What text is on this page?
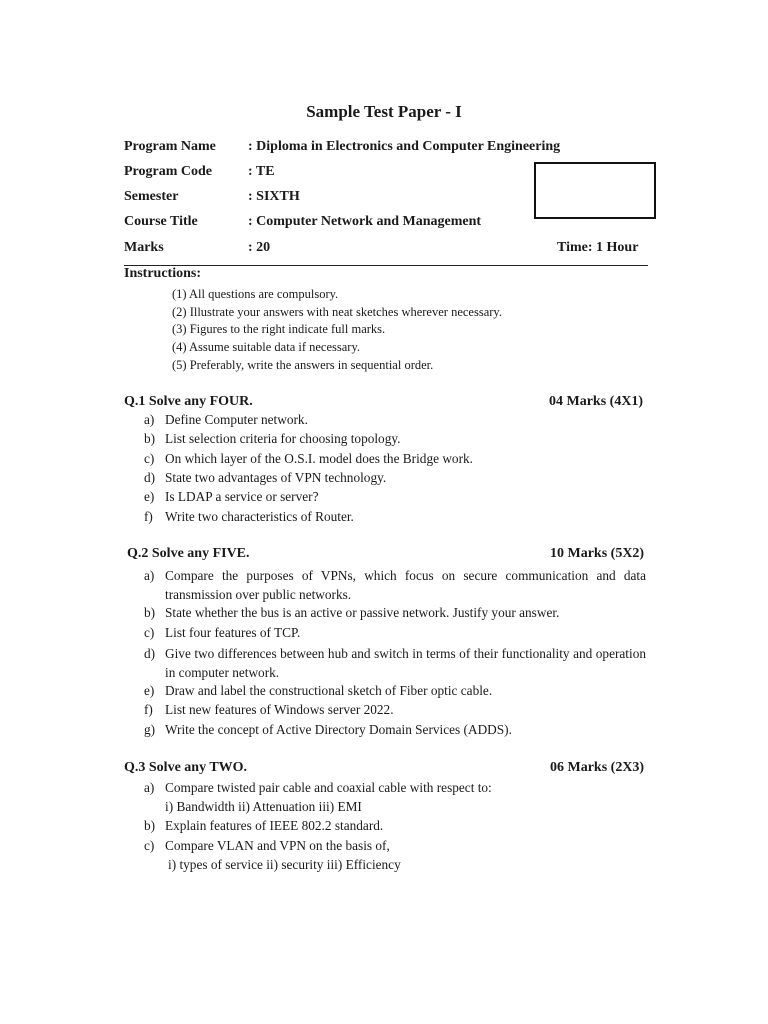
Sample Test Paper - I
Program Name : Diploma in Electronics and Computer Engineering
Program Code	: TE
Semester	: SIXTH
Course Title	: Computer Network and Management
Marks	: 20	Time: 1 Hour
Instructions:
(1) All questions are compulsory.
(2) Illustrate your answers with neat sketches wherever necessary.
(3) Figures to the right indicate full marks.
(4) Assume suitable data if necessary.
(5) Preferably, write the answers in sequential order.
Q.1 Solve any FOUR.	04 Marks (4X1)
a) Define Computer network.
b) List selection criteria for choosing topology.
c) On which layer of the O.S.I. model does the Bridge work.
d) State two advantages of VPN technology.
e) Is LDAP a service or server?
f) Write two characteristics of Router.
Q.2 Solve any FIVE.	10 Marks (5X2)
a) Compare the purposes of VPNs, which focus on secure communication and data transmission over public networks.
b) State whether the bus is an active or passive network. Justify your answer.
c) List four features of TCP.
d) Give two differences between hub and switch in terms of their functionality and operation in computer network.
e) Draw and label the constructional sketch of Fiber optic cable.
f) List new features of Windows server 2022.
g) Write the concept of Active Directory Domain Services (ADDS).
Q.3 Solve any TWO.	06 Marks (2X3)
a) Compare twisted pair cable and coaxial cable with respect to:
i) Bandwidth ii) Attenuation iii) EMI
b) Explain features of IEEE 802.2 standard.
c) Compare VLAN and VPN on the basis of,
i) types of service ii) security iii) Efficiency
